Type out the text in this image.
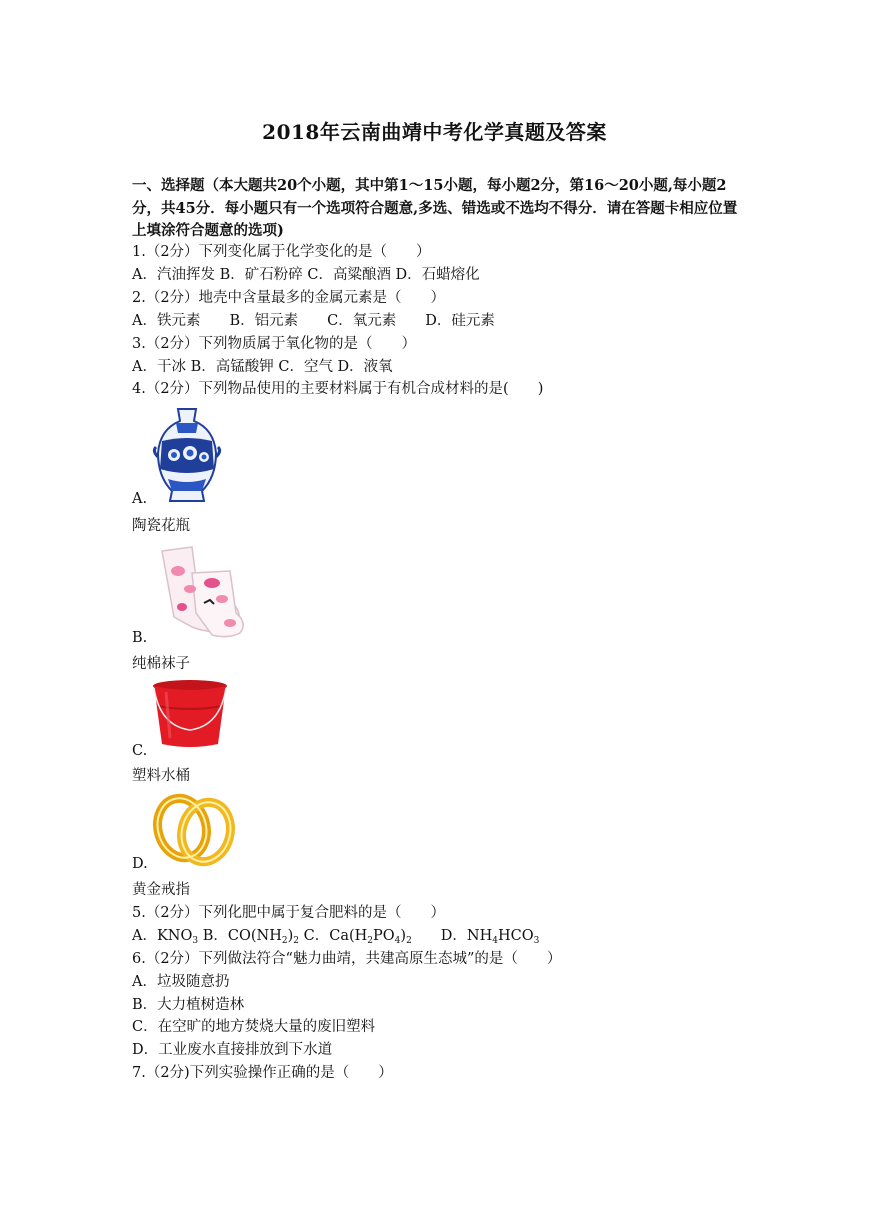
2018年云南曲靖中考化学真题及答案
一、选择题（本大题共20个小题，其中第1～15小题，每小题2分，第16～20小题,每小题2分，共45分．每小题只有一个选项符合题意,多选、错选或不选均不得分．请在答题卡相应位置上填涂符合题意的选项)
1.（2分）下列变化属于化学变化的是（　　）
A．汽油挥发 B．矿石粉碎 C．高粱酿酒 D．石蜡熔化
2.（2分）地壳中含量最多的金属元素是（　　）
A．铁元素　　B．铝元素　　C．氧元素　　D．硅元素
3.（2分）下列物质属于氧化物的是（　　）
A．干冰 B．高锰酸钾 C．空气 D．液氧
4.（2分）下列物品使用的主要材料属于有机合成材料的是(　　)
A.
陶瓷花瓶
B.
纯棉袜子
C.
塑料水桶
D.
黄金戒指
5.（2分）下列化肥中属于复合肥料的是（　　）
A．$KNO_3$ B．$CO(NH_2)_2$ C．$Ca(H_2PO_4)_2$　　D．$NH_4HCO_3$
6.（2分）下列做法符合“魅力曲靖，共建高原生态城”的是（　　）
A．垃圾随意扔
B．大力植树造林
C．在空旷的地方焚烧大量的废旧塑料
D．工业废水直接排放到下水道
7.（2分)下列实验操作正确的是（　　）
